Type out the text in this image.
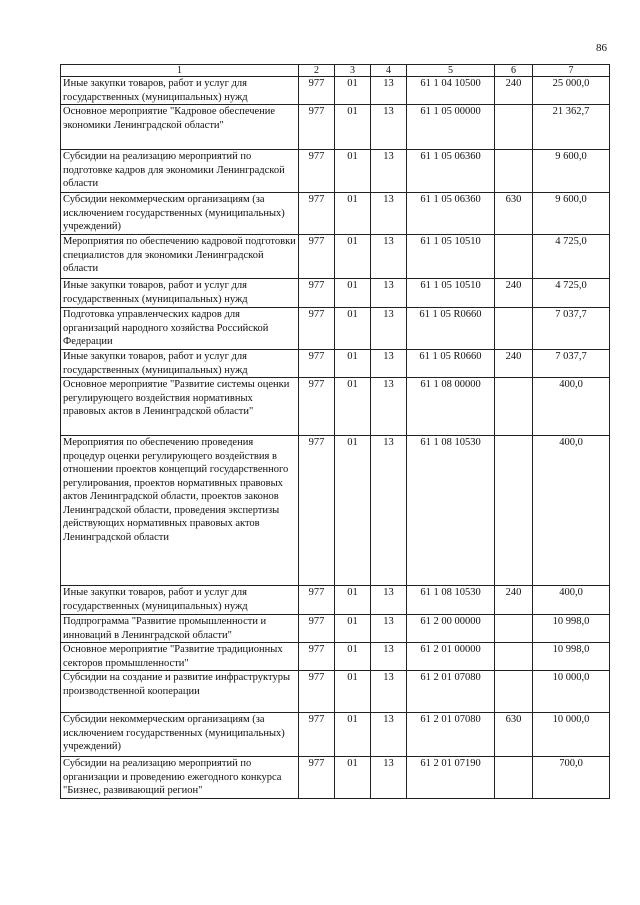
86
1	2	3	4	5	6	7
Иные закупки товаров, работ и услуг для государственных (муниципальных) нужд	977	01	13	61 1 04 10500	240	25 000,0
Основное мероприятие "Кадровое обеспечение экономики Ленинградской области"	977	01	13	61 1 05 00000		21 362,7
Субсидии на реализацию мероприятий по подготовке кадров для экономики Ленинградской области	977	01	13	61 1 05 06360		9 600,0
Субсидии некоммерческим организациям (за исключением государственных (муниципальных) учреждений)	977	01	13	61 1 05 06360	630	9 600,0
Мероприятия по обеспечению кадровой подготовки специалистов для экономики Ленинградской области	977	01	13	61 1 05 10510		4 725,0
Иные закупки товаров, работ и услуг для государственных (муниципальных) нужд	977	01	13	61 1 05 10510	240	4 725,0
Подготовка управленческих кадров для организаций народного хозяйства Российской Федерации	977	01	13	61 1 05 R0660		7 037,7
Иные закупки товаров, работ и услуг для государственных (муниципальных) нужд	977	01	13	61 1 05 R0660	240	7 037,7
Основное мероприятие "Развитие системы оценки регулирующего воздействия нормативных правовых актов в Ленинградской области"	977	01	13	61 1 08 00000		400,0
Мероприятия по обеспечению проведения процедур оценки регулирующего воздействия в отношении проектов концепций государственного регулирования, проектов нормативных правовых актов Ленинградской области, проектов законов Ленинградской области, проведения экспертизы действующих нормативных правовых актов Ленинградской области	977	01	13	61 1 08 10530		400,0
Иные закупки товаров, работ и услуг для государственных (муниципальных) нужд	977	01	13	61 1 08 10530	240	400,0
Подпрограмма "Развитие промышленности и инноваций в Ленинградской области"	977	01	13	61 2 00 00000		10 998,0
Основное мероприятие "Развитие традиционных секторов промышленности"	977	01	13	61 2 01 00000		10 998,0
Субсидии на создание и развитие инфраструктуры производственной кооперации	977	01	13	61 2 01 07080		10 000,0
Субсидии некоммерческим организациям (за исключением государственных (муниципальных) учреждений)	977	01	13	61 2 01 07080	630	10 000,0
Субсидии на реализацию мероприятий по организации и проведению ежегодного конкурса "Бизнес, развивающий регион"	977	01	13	61 2 01 07190		700,0
